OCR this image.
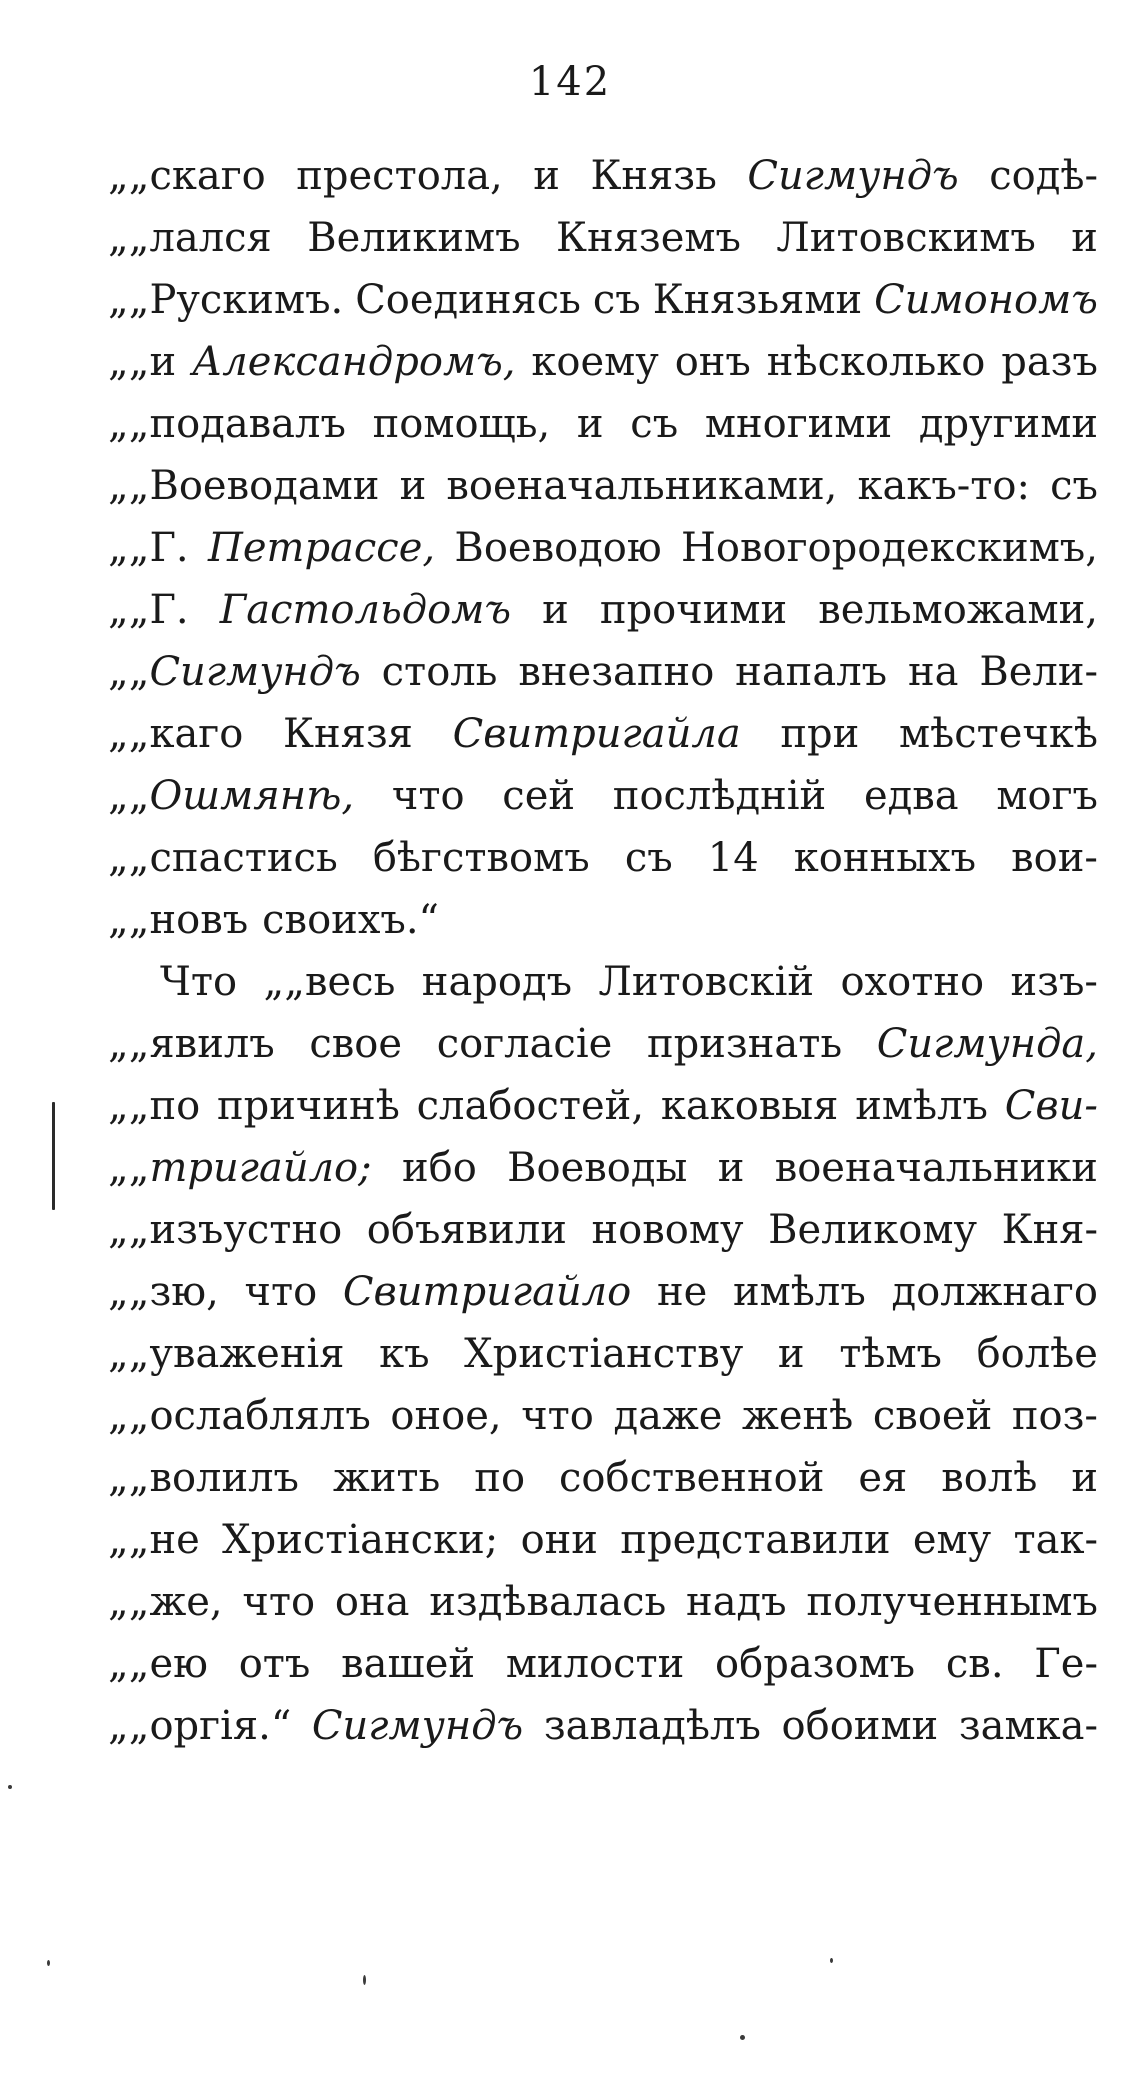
142
„„скаго престола, и Князь Сигмундъ содѣ-
„„лался Великимъ Княземъ Литовскимъ и
„„Рускимъ. Соединясь съ Князьями Симономъ
„„и Александромъ, коему онъ нѣсколько разъ
„„подавалъ помощь, и съ многими другими
„„Воеводами и военачальниками, какъ-то: съ
„„Г. Петрассе, Воеводою Новогородекскимъ,
„„Г. Гастольдомъ и прочими вельможами,
„„Сигмундъ столь внезапно напалъ на Вели-
„„каго Князя Свитригайла при мѣстечкѣ
„„Ошмянѣ, что сей послѣдній едва могъ
„„спастись бѣгствомъ съ 14 конныхъ вои-
„„новъ своихъ.“
Что „„весь народъ Литовскій охотно изъ-
„„явилъ свое согласіе признать Сигмунда,
„„по причинѣ слабостей, каковыя имѣлъ Сви-
„„тригайло; ибо Воеводы и военачальники
„„изъустно объявили новому Великому Кня-
„„зю, что Свитригайло не имѣлъ должнаго
„„уваженія къ Христіанству и тѣмъ болѣе
„„ослаблялъ оное, что даже женѣ своей поз-
„„волилъ жить по собственной ея волѣ и
„„не Христіански; они представили ему так-
„„же, что она издѣвалась надъ полученнымъ
„„ею отъ вашей милости образомъ св. Ге-
„„оргія.“ Сигмундъ завладѣлъ обоими замка-
